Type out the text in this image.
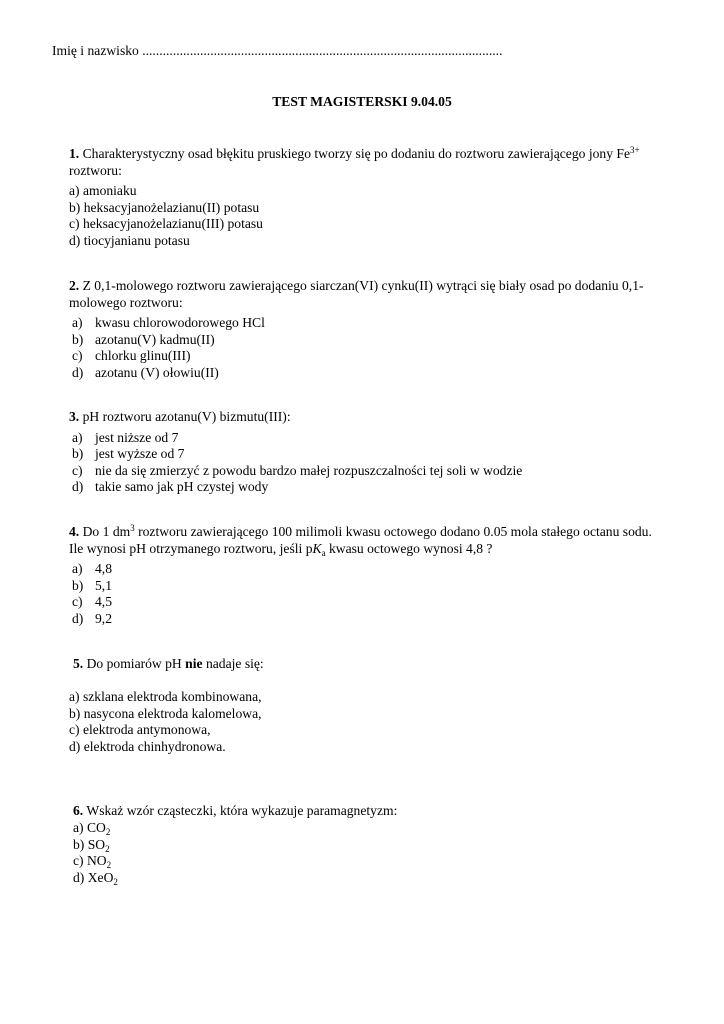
Imię i nazwisko ..........................................................................................................
TEST MAGISTERSKI 9.04.05

1. Charakterystyczny osad błękitu pruskiego tworzy się po dodaniu do roztworu zawierającego jony $Fe^{3+}$ roztworu:

a) amoniaku
b) heksacyjanożelazianu(II) potasu
c) heksacyjanożelazianu(III) potasu
d) tiocyjanianu potasu

2. Z 0,1-molowego roztworu zawierającego siarczan(VI) cynku(II) wytrąci się biały osad po dodaniu 0,1-molowego roztworu:

a) kwasu chlorowodorowego HCl
b) azotanu(V) kadmu(II)
c) chlorku glinu(III)
d) azotanu (V) ołowiu(II)

3. pH roztworu azotanu(V) bizmutu(III):

a) jest niższe od 7
b) jest wyższe od 7
c) nie da się zmierzyć z powodu bardzo małej rozpuszczalności tej soli w wodzie
d) takie samo jak pH czystej wody

4. Do 1 $dm^3$ roztworu zawierającego 100 milimoli kwasu octowego dodano 0.05 mola stałego octanu sodu. Ile wynosi pH otrzymanego roztworu, jeśli $pK_a$ kwasu octowego wynosi 4,8 ?

a) 4,8
b) 5,1
c) 4,5
d) 9,2

5. Do pomiarów pH nie nadaje się:

a) szklana elektroda kombinowana,
b) nasycona elektroda kalomelowa,
c) elektroda antymonowa,
d) elektroda chinhydronowa.

6. Wskaż wzór cząsteczki, która wykazuje paramagnetyzm:

a) $CO_2$
b) $SO_2$
c) $NO_2$
d) XeO$_2$
